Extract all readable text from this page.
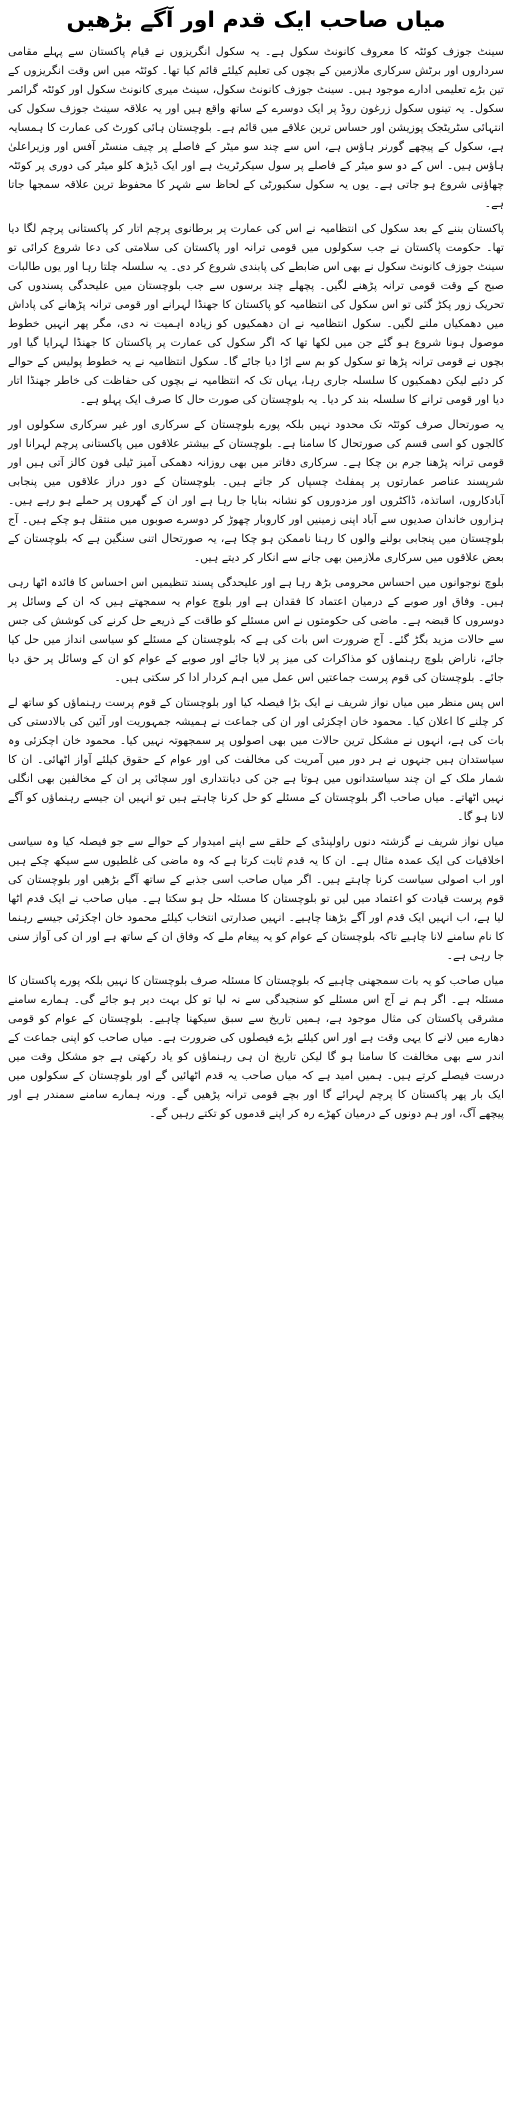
میاں صاحب ایک قدم اور آگے بڑھیں

سینٹ جوزف کوئٹہ کا معروف کانونٹ سکول ہے۔ یہ سکول انگریزوں نے قیام پاکستان سے پہلے مقامی سرداروں اور برٹش سرکاری ملازمین کے بچوں کی تعلیم کیلئے قائم کیا تھا۔ کوئٹہ میں اس وقت انگریزوں کے تین بڑے تعلیمی ادارے موجود ہیں۔ سینٹ جوزف کانونٹ سکول، سینٹ میری کانونٹ سکول اور کوئٹہ گرائمر سکول۔ یہ تینوں سکول زرغون روڈ پر ایک دوسرے کے ساتھ واقع ہیں اور یہ علاقہ سینٹ جوزف سکول کی انتہائی سٹریٹجک پوزیشن اور حساس ترین علاقے میں قائم ہے۔ بلوچستان ہائی کورٹ کی عمارت کا ہمسایہ ہے، سکول کے پیچھے گورنر ہاؤس ہے، اس سے چند سو میٹر کے فاصلے پر چیف منسٹر آفس اور وزیراعلیٰ ہاؤس ہیں۔ اس کے دو سو میٹر کے فاصلے پر سول سیکرٹریٹ ہے اور ایک ڈیڑھ کلو میٹر کی دوری پر کوئٹہ چھاؤنی شروع ہو جاتی ہے۔ یوں یہ سکول سکیورٹی کے لحاظ سے شہر کا محفوظ ترین علاقہ سمجھا جاتا ہے۔

پاکستان بننے کے بعد سکول کی انتظامیہ نے اس کی عمارت پر برطانوی پرچم اتار کر پاکستانی پرچم لگا دیا تھا۔ حکومت پاکستان نے جب سکولوں میں قومی ترانہ اور پاکستان کی سلامتی کی دعا شروع کرائی تو سینٹ جوزف کانونٹ سکول نے بھی اس ضابطے کی پابندی شروع کر دی۔ یہ سلسلہ چلتا رہا اور یوں طالبات صبح کے وقت قومی ترانہ پڑھنے لگیں۔ پچھلے چند برسوں سے جب بلوچستان میں علیحدگی پسندوں کی تحریک زور پکڑ گئی تو اس سکول کی انتظامیہ کو پاکستان کا جھنڈا لہرانے اور قومی ترانہ پڑھانے کی پاداش میں دھمکیاں ملنے لگیں۔ سکول انتظامیہ نے ان دھمکیوں کو زیادہ اہمیت نہ دی، مگر پھر انہیں خطوط موصول ہونا شروع ہو گئے جن میں لکھا تھا کہ اگر سکول کی عمارت پر پاکستان کا جھنڈا لہرایا گیا اور بچوں نے قومی ترانہ پڑھا تو سکول کو بم سے اڑا دیا جائے گا۔ سکول انتظامیہ نے یہ خطوط پولیس کے حوالے کر دئیے لیکن دھمکیوں کا سلسلہ جاری رہا، یہاں تک کہ انتظامیہ نے بچوں کی حفاظت کی خاطر جھنڈا اتار دیا اور قومی ترانے کا سلسلہ بند کر دیا۔ یہ بلوچستان کی صورت حال کا صرف ایک پہلو ہے۔

یہ صورتحال صرف کوئٹہ تک محدود نہیں بلکہ پورے بلوچستان کے سرکاری اور غیر سرکاری سکولوں اور کالجوں کو اسی قسم کی صورتحال کا سامنا ہے۔ بلوچستان کے بیشتر علاقوں میں پاکستانی پرچم لہرانا اور قومی ترانہ پڑھنا جرم بن چکا ہے۔ سرکاری دفاتر میں بھی روزانہ دھمکی آمیز ٹیلی فون کالز آتی ہیں اور شرپسند عناصر عمارتوں پر پمفلٹ چسپاں کر جاتے ہیں۔ بلوچستان کے دور دراز علاقوں میں پنجابی آبادکاروں، اساتذہ، ڈاکٹروں اور مزدوروں کو نشانہ بنایا جا رہا ہے اور ان کے گھروں پر حملے ہو رہے ہیں۔ ہزاروں خاندان صدیوں سے آباد اپنی زمینیں اور کاروبار چھوڑ کر دوسرے صوبوں میں منتقل ہو چکے ہیں۔ آج بلوچستان میں پنجابی بولنے والوں کا رہنا ناممکن ہو چکا ہے، یہ صورتحال اتنی سنگین ہے کہ بلوچستان کے بعض علاقوں میں سرکاری ملازمین بھی جانے سے انکار کر دیتے ہیں۔

بلوچ نوجوانوں میں احساس محرومی بڑھ رہا ہے اور علیحدگی پسند تنظیمیں اس احساس کا فائدہ اٹھا رہی ہیں۔ وفاق اور صوبے کے درمیان اعتماد کا فقدان ہے اور بلوچ عوام یہ سمجھتے ہیں کہ ان کے وسائل پر دوسروں کا قبضہ ہے۔ ماضی کی حکومتوں نے اس مسئلے کو طاقت کے ذریعے حل کرنے کی کوشش کی جس سے حالات مزید بگڑ گئے۔ آج ضرورت اس بات کی ہے کہ بلوچستان کے مسئلے کو سیاسی انداز میں حل کیا جائے، ناراض بلوچ رہنماؤں کو مذاکرات کی میز پر لایا جائے اور صوبے کے عوام کو ان کے وسائل پر حق دیا جائے۔ بلوچستان کی قوم پرست جماعتیں اس عمل میں اہم کردار ادا کر سکتی ہیں۔

اس پس منظر میں میاں نواز شریف نے ایک بڑا فیصلہ کیا اور بلوچستان کے قوم پرست رہنماؤں کو ساتھ لے کر چلنے کا اعلان کیا۔ محمود خان اچکزئی اور ان کی جماعت نے ہمیشہ جمہوریت اور آئین کی بالادستی کی بات کی ہے، انہوں نے مشکل ترین حالات میں بھی اصولوں پر سمجھوتہ نہیں کیا۔ محمود خان اچکزئی وہ سیاستدان ہیں جنہوں نے ہر دور میں آمریت کی مخالفت کی اور عوام کے حقوق کیلئے آواز اٹھائی۔ ان کا شمار ملک کے ان چند سیاستدانوں میں ہوتا ہے جن کی دیانتداری اور سچائی پر ان کے مخالفین بھی انگلی نہیں اٹھاتے۔ میاں صاحب اگر بلوچستان کے مسئلے کو حل کرنا چاہتے ہیں تو انہیں ان جیسے رہنماؤں کو آگے لانا ہو گا۔

میاں نواز شریف نے گزشتہ دنوں راولپنڈی کے حلقے سے اپنے امیدوار کے حوالے سے جو فیصلہ کیا وہ سیاسی اخلاقیات کی ایک عمدہ مثال ہے۔ ان کا یہ قدم ثابت کرتا ہے کہ وہ ماضی کی غلطیوں سے سیکھ چکے ہیں اور اب اصولی سیاست کرنا چاہتے ہیں۔ اگر میاں صاحب اسی جذبے کے ساتھ آگے بڑھیں اور بلوچستان کی قوم پرست قیادت کو اعتماد میں لیں تو بلوچستان کا مسئلہ حل ہو سکتا ہے۔ میاں صاحب نے ایک قدم اٹھا لیا ہے، اب انہیں ایک قدم اور آگے بڑھنا چاہیے۔ انہیں صدارتی انتخاب کیلئے محمود خان اچکزئی جیسے رہنما کا نام سامنے لانا چاہیے تاکہ بلوچستان کے عوام کو یہ پیغام ملے کہ وفاق ان کے ساتھ ہے اور ان کی آواز سنی جا رہی ہے۔

میاں صاحب کو یہ بات سمجھنی چاہیے کہ بلوچستان کا مسئلہ صرف بلوچستان کا نہیں بلکہ پورے پاکستان کا مسئلہ ہے۔ اگر ہم نے آج اس مسئلے کو سنجیدگی سے نہ لیا تو کل بہت دیر ہو جائے گی۔ ہمارے سامنے مشرقی پاکستان کی مثال موجود ہے، ہمیں تاریخ سے سبق سیکھنا چاہیے۔ بلوچستان کے عوام کو قومی دھارے میں لانے کا یہی وقت ہے اور اس کیلئے بڑے فیصلوں کی ضرورت ہے۔ میاں صاحب کو اپنی جماعت کے اندر سے بھی مخالفت کا سامنا ہو گا لیکن تاریخ ان ہی رہنماؤں کو یاد رکھتی ہے جو مشکل وقت میں درست فیصلے کرتے ہیں۔ ہمیں امید ہے کہ میاں صاحب یہ قدم اٹھائیں گے اور بلوچستان کے سکولوں میں ایک بار پھر پاکستان کا پرچم لہرائے گا اور بچے قومی ترانہ پڑھیں گے۔ ورنہ ہمارے سامنے سمندر ہے اور پیچھے آگ، اور ہم دونوں کے درمیان کھڑے رہ کر اپنے قدموں کو تکتے رہیں گے۔
